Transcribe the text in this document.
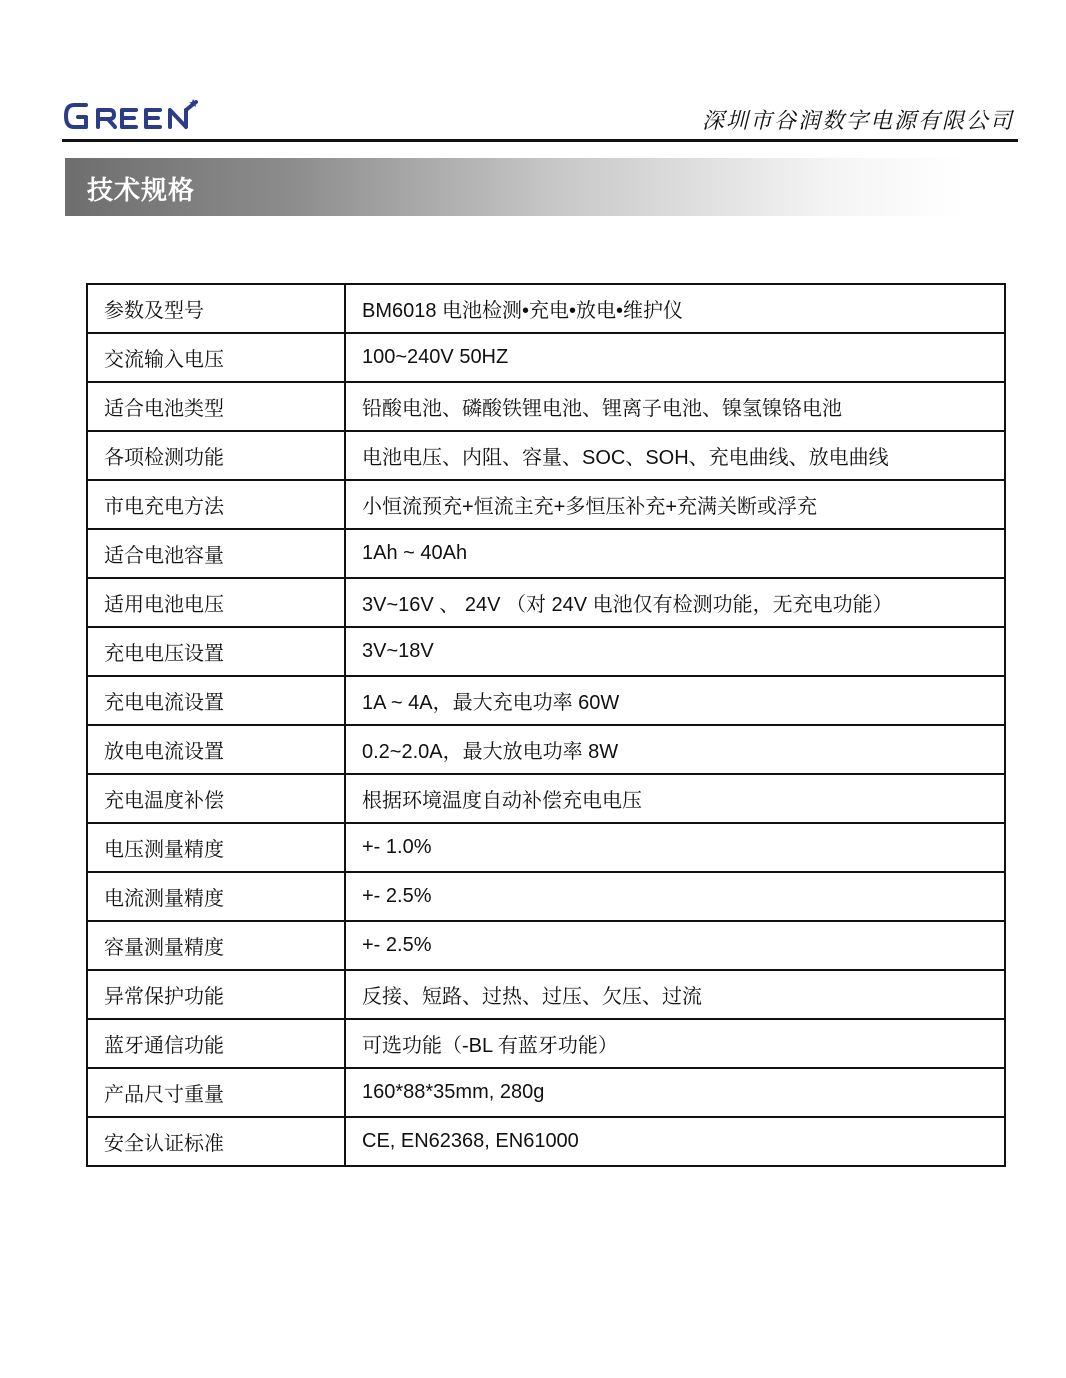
深圳市谷润数字电源有限公司
技术规格
参数及型号	BM6018 电池检测•充电•放电•维护仪
交流输入电压	100~240V 50HZ
适合电池类型	铅酸电池、磷酸铁锂电池、锂离子电池、镍氢镍铬电池
各项检测功能	电池电压、内阻、容量、SOC、SOH、充电曲线、放电曲线
市电充电方法	小恒流预充+恒流主充+多恒压补充+充满关断或浮充
适合电池容量	1Ah ~ 40Ah
适用电池电压	3V~16V 、 24V （对 24V 电池仅有检测功能，无充电功能）
充电电压设置	3V~18V
充电电流设置	1A ~ 4A，最大充电功率 60W
放电电流设置	0.2~2.0A，最大放电功率 8W
充电温度补偿	根据环境温度自动补偿充电电压
电压测量精度	+- 1.0%
电流测量精度	+- 2.5%
容量测量精度	+- 2.5%
异常保护功能	反接、短路、过热、过压、欠压、过流
蓝牙通信功能	可选功能（-BL 有蓝牙功能）
产品尺寸重量	160*88*35mm, 280g
安全认证标准	CE, EN62368, EN61000
